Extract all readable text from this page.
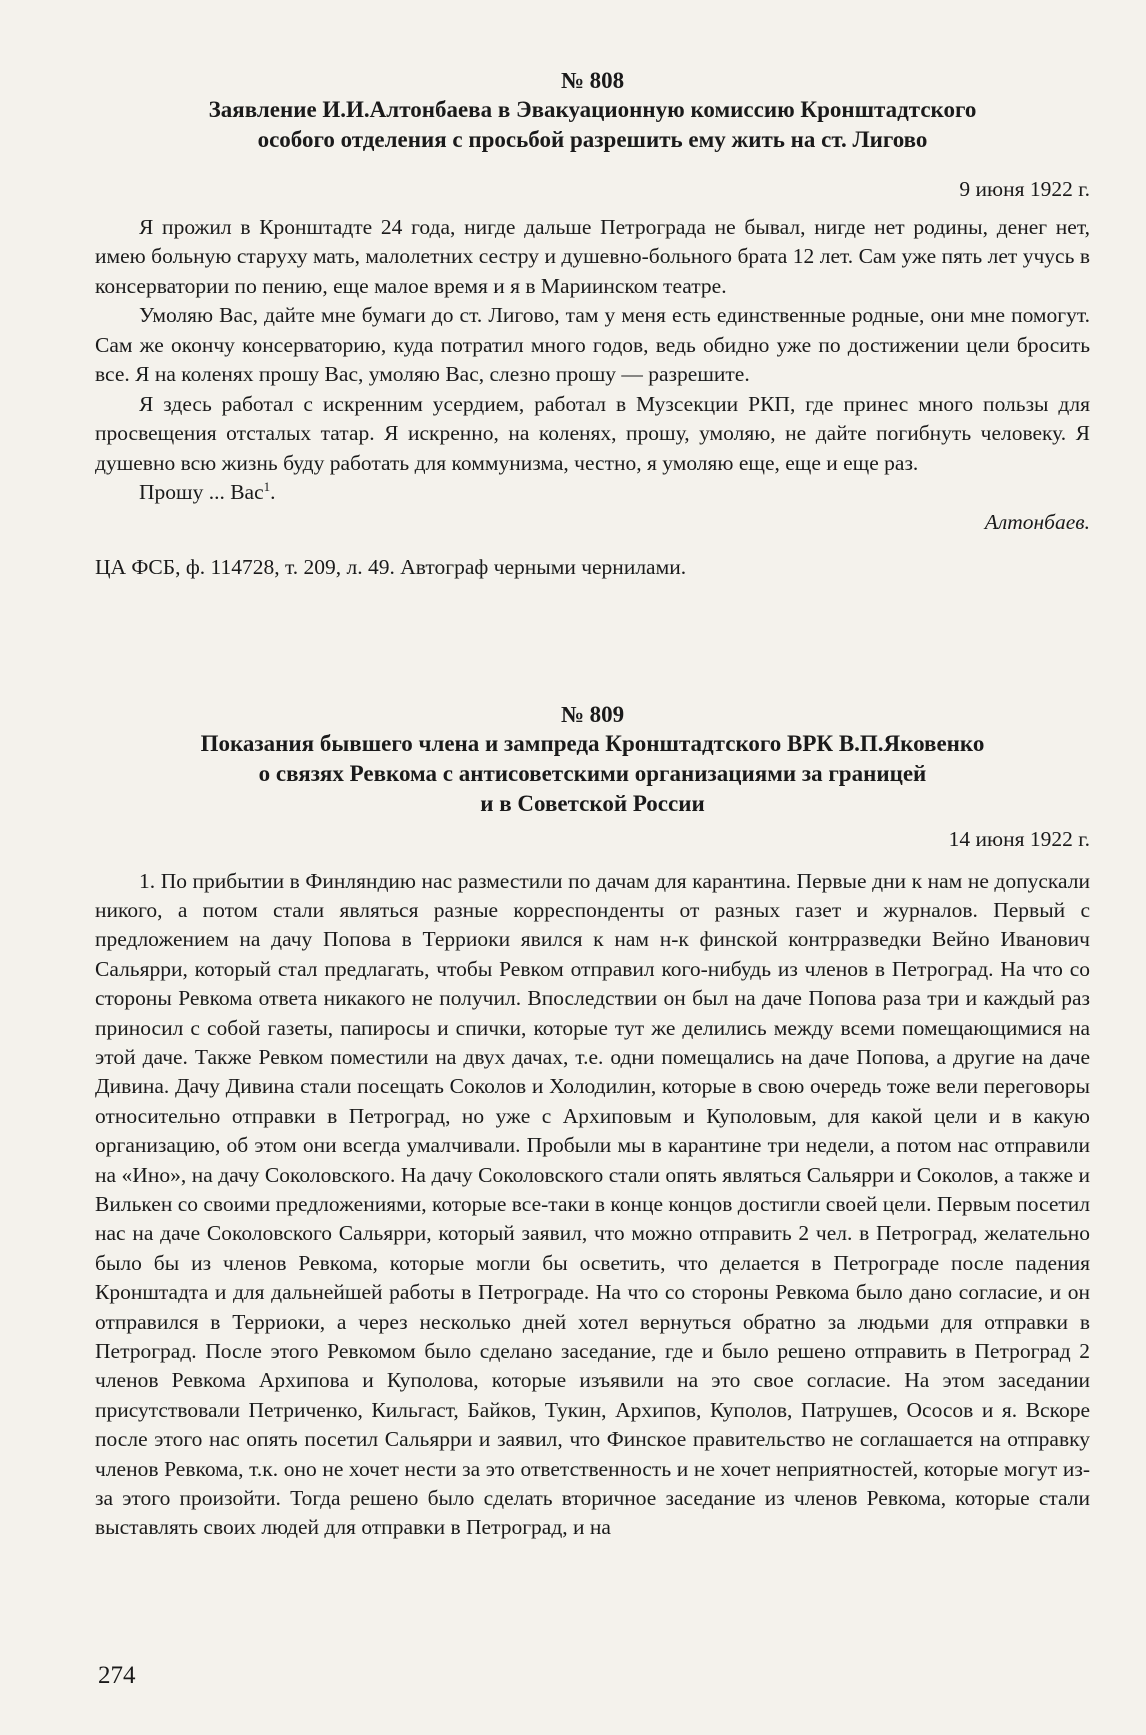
№ 808
Заявление И.И.Алтонбаева в Эвакуационную комиссию Кронштадтского
особого отделения с просьбой разрешить ему жить на ст. Лигово
9 июня 1922 г.

Я прожил в Кронштадте 24 года, нигде дальше Петрограда не бывал, нигде нет родины, денег нет, имею больную старуху мать, малолетних сестру и душевно-больного брата 12 лет. Сам уже пять лет учусь в консерватории по пению, еще малое время и я в Мариинском театре.

Умоляю Вас, дайте мне бумаги до ст. Лигово, там у меня есть единственные родные, они мне помогут. Сам же окончу консерваторию, куда потратил много годов, ведь обидно уже по достижении цели бросить все. Я на коленях прошу Вас, умоляю Вас, слезно прошу — разрешите.

Я здесь работал с искренним усердием, работал в Музсекции РКП, где принес много пользы для просвещения отсталых татар. Я искренно, на коленях, прошу, умоляю, не дайте погибнуть человеку. Я душевно всю жизнь буду работать для коммунизма, честно, я умоляю еще, еще и еще раз.

Прошу ... Вас$^1$.

Алтонбаев.
ЦА ФСБ, ф. 114728, т. 209, л. 49. Автограф черными чернилами.
№ 809
Показания бывшего члена и зампреда Кронштадтского ВРК В.П.Яковенко
о связях Ревкома с антисоветскими организациями за границей
и в Советской России
14 июня 1922 г.

1. По прибытии в Финляндию нас разместили по дачам для карантина. Первые дни к нам не допускали никого, а потом стали являться разные корреспонденты от разных газет и журналов. Первый с предложением на дачу Попова в Терриоки явился к нам н-к финской контрразведки Вейно Иванович Сальярри, который стал предлагать, чтобы Ревком отправил кого-нибудь из членов в Петроград. На что со стороны Ревкома ответа никакого не получил. Впоследствии он был на даче Попова раза три и каждый раз приносил с собой газеты, папиросы и спички, которые тут же делились между всеми помещающимися на этой даче. Также Ревком поместили на двух дачах, т.е. одни помещались на даче Попова, а другие на даче Дивина. Дачу Дивина стали посещать Соколов и Холодилин, которые в свою очередь тоже вели переговоры относительно отправки в Петроград, но уже с Архиповым и Куполовым, для какой цели и в какую организацию, об этом они всегда умалчивали. Пробыли мы в карантине три недели, а потом нас отправили на «Ино», на дачу Соколовского. На дачу Соколовского стали опять являться Сальярри и Соколов, а также и Вилькен со своими предложениями, которые все-таки в конце концов достигли своей цели. Первым посетил нас на даче Соколовского Сальярри, который заявил, что можно отправить 2 чел. в Петроград, желательно было бы из членов Ревкома, которые могли бы осветить, что делается в Петрограде после падения Кронштадта и для дальнейшей работы в Петрограде. На что со стороны Ревкома было дано согласие, и он отправился в Терриоки, а через несколько дней хотел вернуться обратно за людьми для отправки в Петроград. После этого Ревкомом было сделано заседание, где и было решено отправить в Петроград 2 членов Ревкома Архипова и Куполова, которые изъявили на это свое согласие. На этом заседании присутствовали Петриченко, Кильгаст, Байков, Тукин, Архипов, Куполов, Патрушев, Ососов и я. Вскоре после этого нас опять посетил Сальярри и заявил, что Финское правительство не соглашается на отправку членов Ревкома, т.к. оно не хочет нести за это ответственность и не хочет неприятностей, которые могут из-за этого произойти. Тогда решено было сделать вторичное заседание из членов Ревкома, которые стали выставлять своих людей для отправки в Петроград, и на

274
